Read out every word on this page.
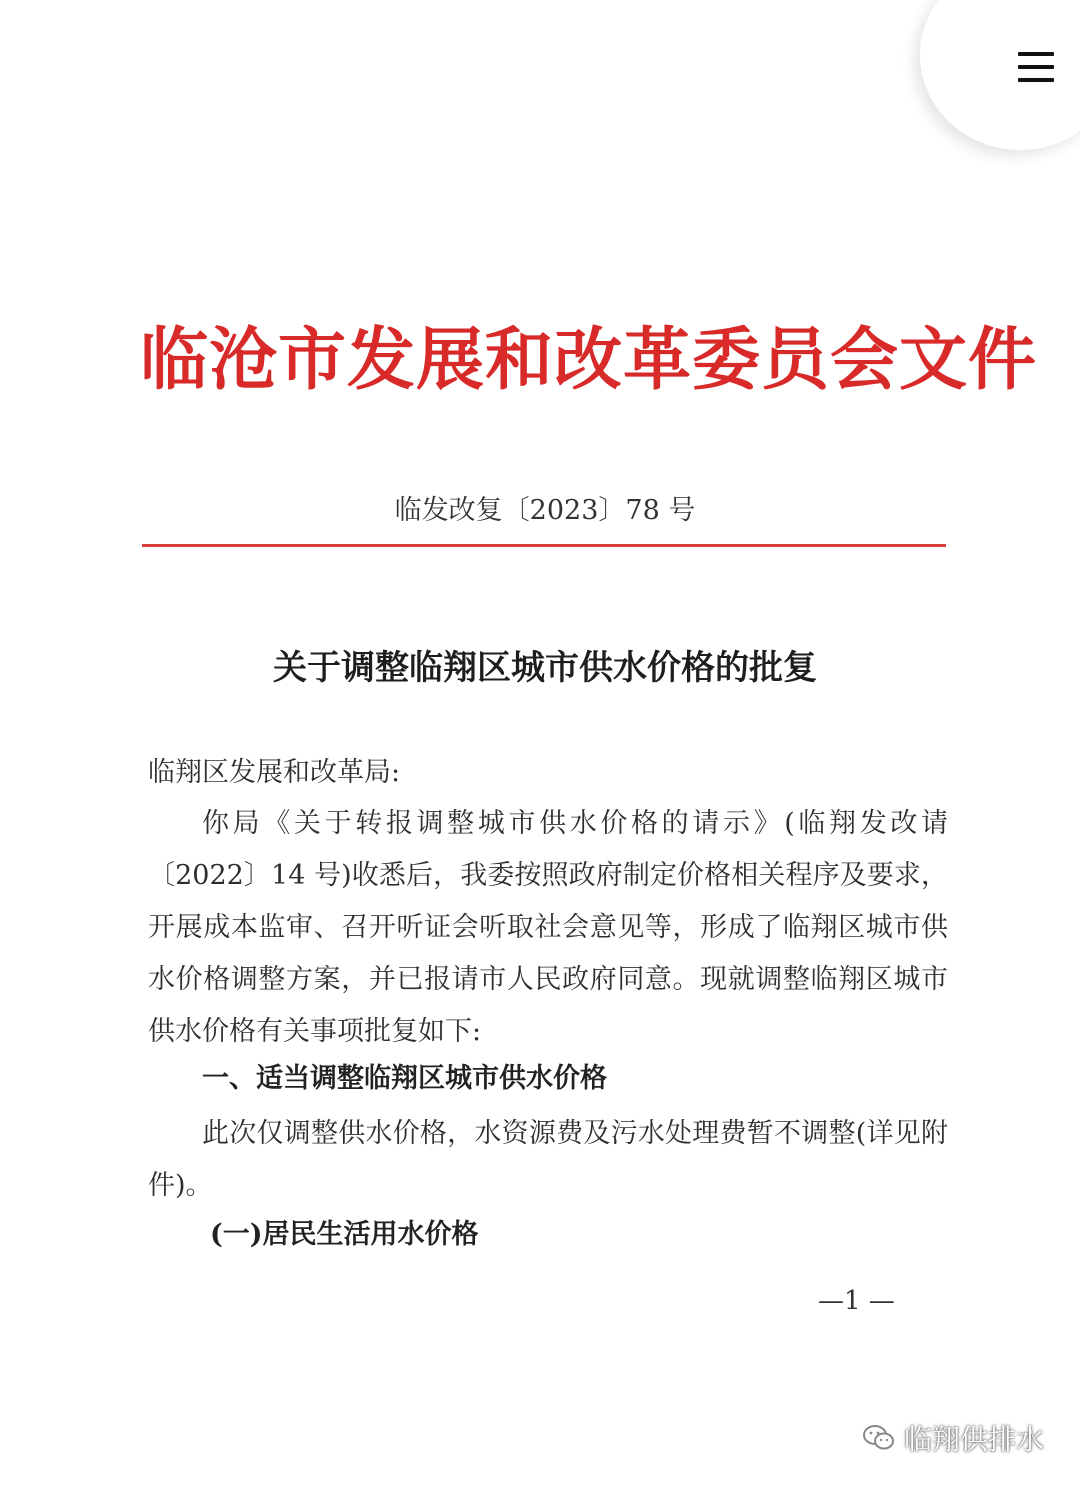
临沧市发展和改革委员会文件
临发改复〔2023〕78 号
关于调整临翔区城市供水价格的批复
临翔区发展和改革局:
你局《关于转报调整城市供水价格的请示》(临翔发改请〔2022〕14 号)收悉后，我委按照政府制定价格相关程序及要求，开展成本监审、召开听证会听取社会意见等，形成了临翔区城市供水价格调整方案，并已报请市人民政府同意。现就调整临翔区城市供水价格有关事项批复如下:
一、适当调整临翔区城市供水价格
此次仅调整供水价格，水资源费及污水处理费暂不调整(详见附件)。
(一)居民生活用水价格
—1 —
临翔供排水
